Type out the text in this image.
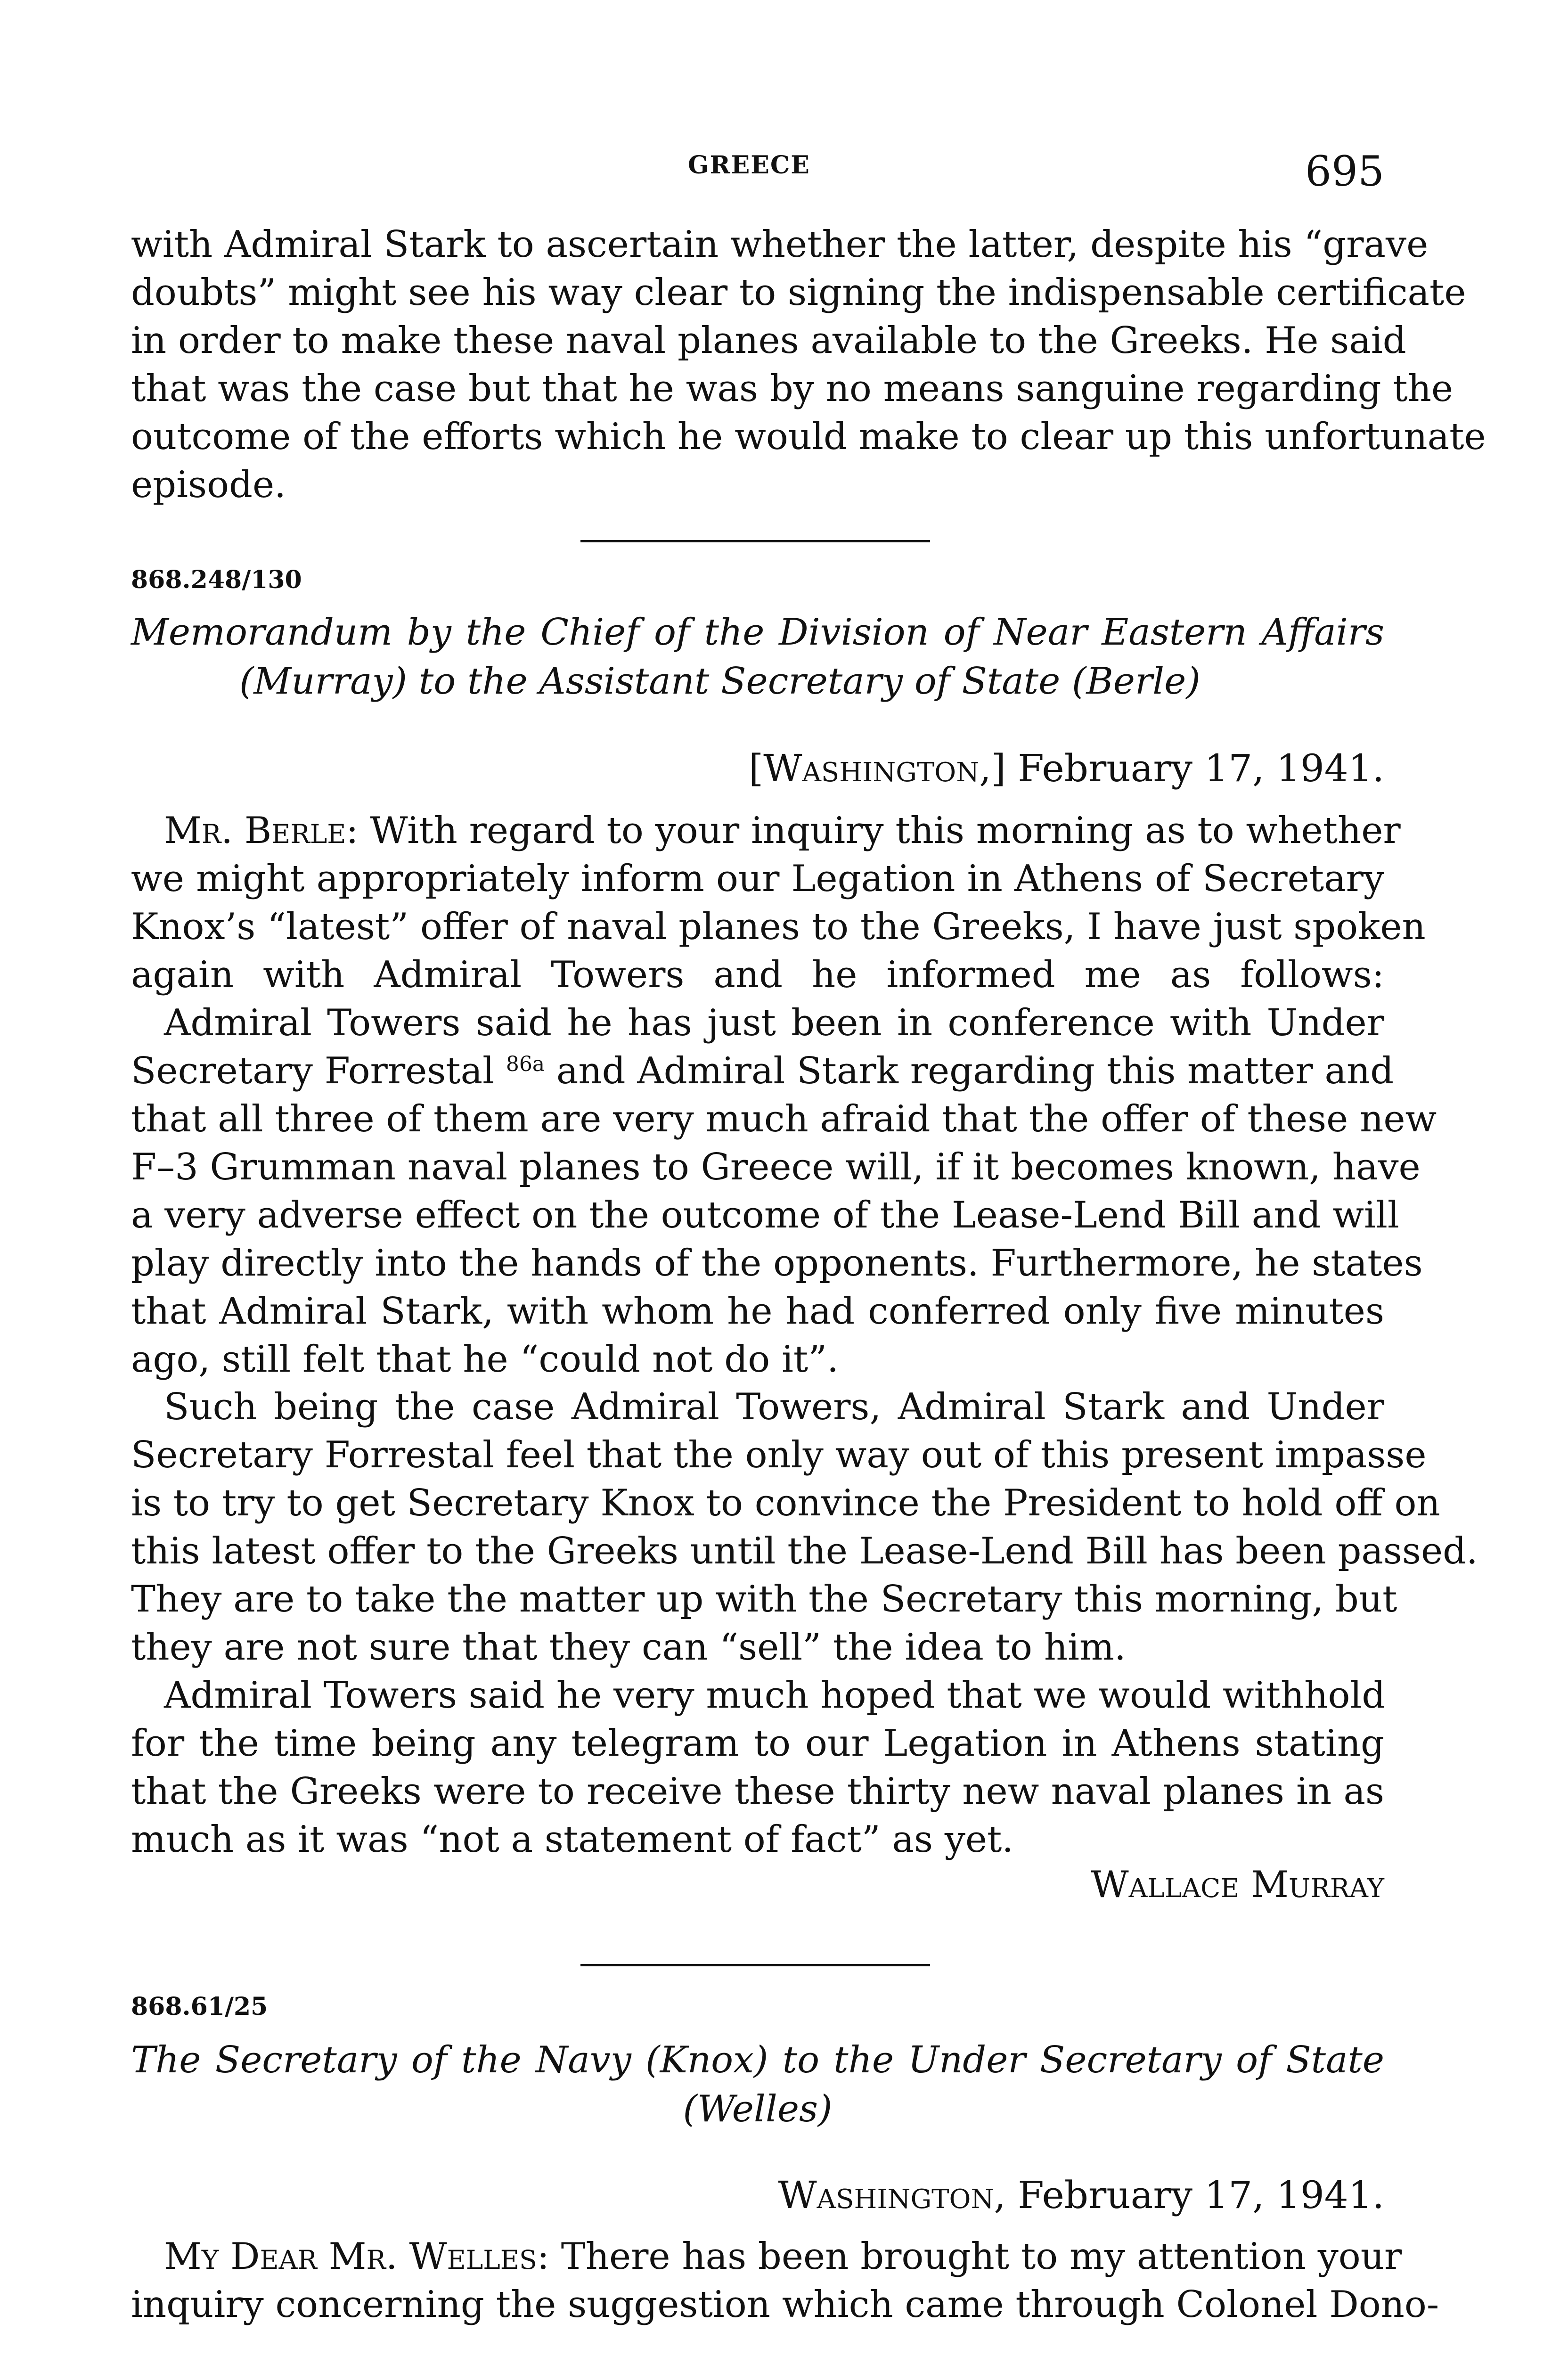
GREECE	695
with Admiral Stark to ascertain whether the latter, despite his “grave
doubts” might see his way clear to signing the indispensable certificate
in order to make these naval planes available to the Greeks. He said
that was the case but that he was by no means sanguine regarding the
outcome of the efforts which he would make to clear up this unfortunate
episode.
868.248/130
Memorandum by the Chief of the Division of Near Eastern Affairs
(Murray) to the Assistant Secretary of State (Berle)
[Washington,] February 17, 1941.
Mr. Berle: With regard to your inquiry this morning as to whether
we might appropriately inform our Legation in Athens of Secretary
Knox’s “latest” offer of naval planes to the Greeks, I have just spoken
again with Admiral Towers and he informed me as follows:
Admiral Towers said he has just been in conference with Under
Secretary Forrestal $^{86a}$ and Admiral Stark regarding this matter and
that all three of them are very much afraid that the offer of these new
F–3 Grumman naval planes to Greece will, if it becomes known, have
a very adverse effect on the outcome of the Lease-Lend Bill and will
play directly into the hands of the opponents. Furthermore, he states
that Admiral Stark, with whom he had conferred only five minutes
ago, still felt that he “could not do it”.
Such being the case Admiral Towers, Admiral Stark and Under
Secretary Forrestal feel that the only way out of this present impasse
is to try to get Secretary Knox to convince the President to hold off on
this latest offer to the Greeks until the Lease-Lend Bill has been passed.
They are to take the matter up with the Secretary this morning, but
they are not sure that they can “sell” the idea to him.
Admiral Towers said he very much hoped that we would withhold
for the time being any telegram to our Legation in Athens stating
that the Greeks were to receive these thirty new naval planes in as
much as it was “not a statement of fact” as yet.
Wallace Murray
868.61/25
The Secretary of the Navy (Knox) to the Under Secretary of State
(Welles)
Washington, February 17, 1941.
My Dear Mr. Welles: There has been brought to my attention your
inquiry concerning the suggestion which came through Colonel Dono-
